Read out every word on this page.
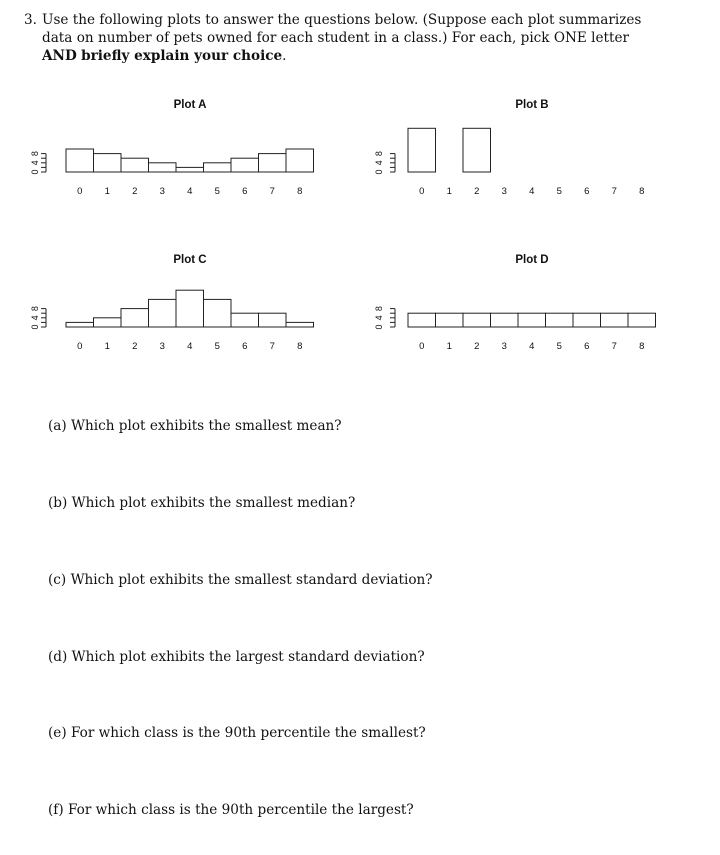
3. Use the following plots to answer the questions below. (Suppose each plot summarizes data on number of pets owned for each student in a class.) For each, pick ONE letter AND briefly explain your choice.
Plot A
0
4
8
0 1 2 3 4 5 6 7 8
Plot B
0
4
8
0 1 2 3 4 5 6 7 8
Plot C
0
4
8
0 1 2 3 4 5 6 7 8
Plot D
0
4
8
0 1 2 3 4 5 6 7 8
(a) Which plot exhibits the smallest mean?
(b) Which plot exhibits the smallest median?
(c) Which plot exhibits the smallest standard deviation?
(d) Which plot exhibits the largest standard deviation?
(e) For which class is the 90th percentile the smallest?
(f) For which class is the 90th percentile the largest?
